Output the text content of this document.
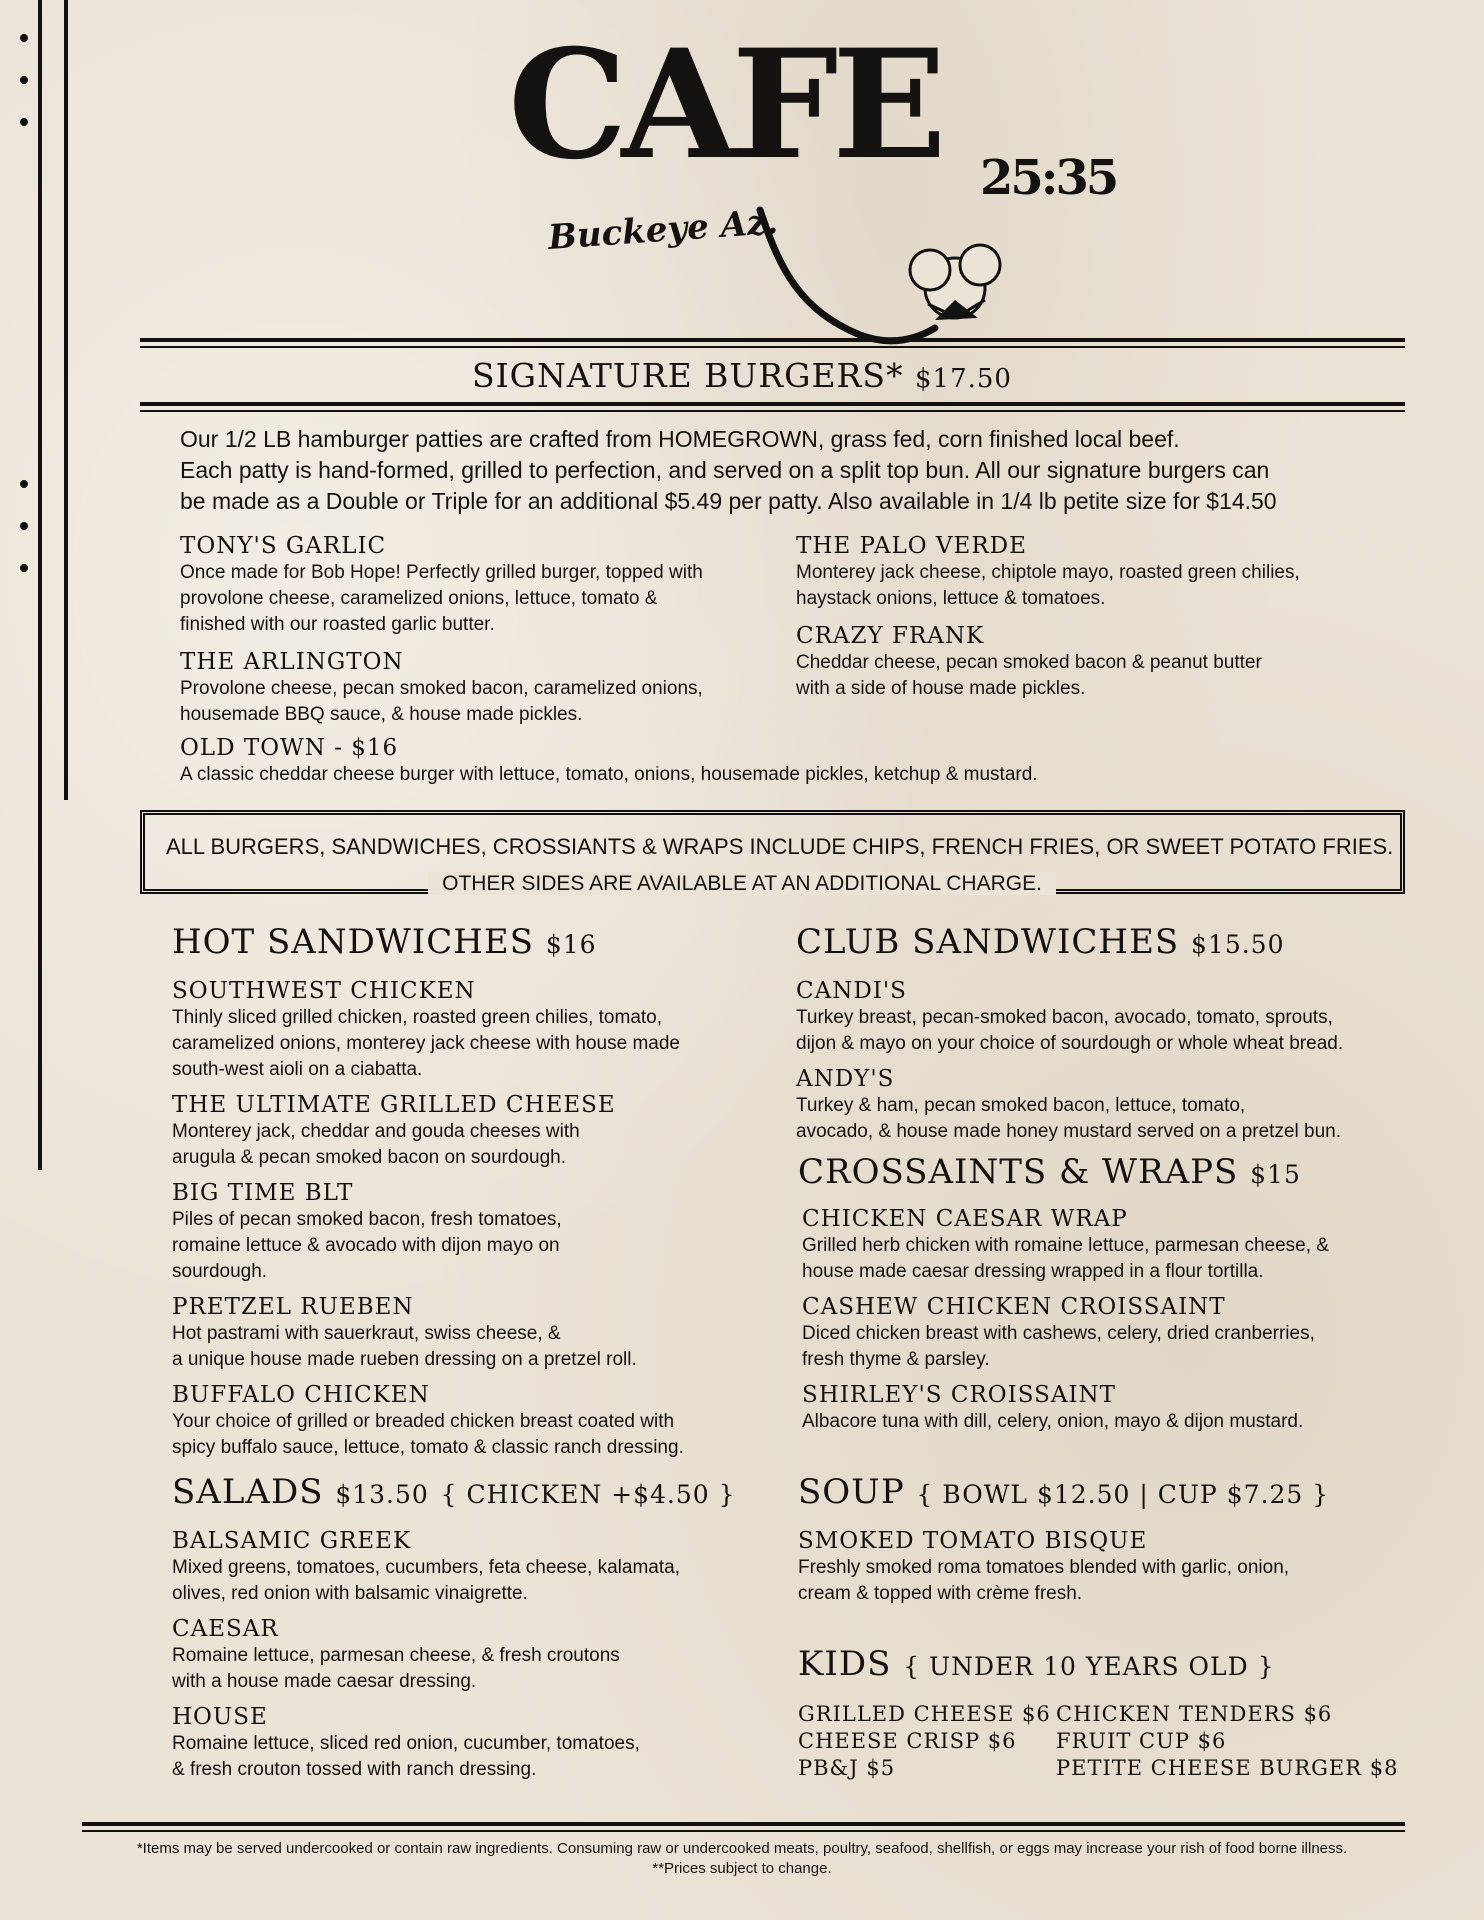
CAFE 25:35
Buckeye Az.
SIGNATURE BURGERS* $17.50
Our 1/2 LB hamburger patties are crafted from HOMEGROWN, grass fed, corn finished local beef.
Each patty is hand-formed, grilled to perfection, and served on a split top bun. All our signature burgers can
be made as a Double or Triple for an additional $5.49 per patty. Also available in 1/4 lb petite size for $14.50

TONY'S GARLIC

Once made for Bob Hope! Perfectly grilled burger, topped with

provolone cheese, caramelized onions, lettuce, tomato &

finished with our roasted garlic butter.

THE ARLINGTON

Provolone cheese, pecan smoked bacon, caramelized onions,

housemade BBQ sauce, & house made pickles.

OLD TOWN - $16

A classic cheddar cheese burger with lettuce, tomato, onions, housemade pickles, ketchup & mustard.

THE PALO VERDE

Monterey jack cheese, chiptole mayo, roasted green chilies,

haystack onions, lettuce & tomatoes.

CRAZY FRANK

Cheddar cheese, pecan smoked bacon & peanut butter

with a side of house made pickles.

ALL BURGERS, SANDWICHES, CROSSIANTS & WRAPS INCLUDE CHIPS, FRENCH FRIES, OR SWEET POTATO FRIES.
OTHER SIDES ARE AVAILABLE AT AN ADDITIONAL CHARGE.

HOT SANDWICHES $16

SOUTHWEST CHICKEN

Thinly sliced grilled chicken, roasted green chilies, tomato,

caramelized onions, monterey jack cheese with house made

south-west aioli on a ciabatta.

THE ULTIMATE GRILLED CHEESE

Monterey jack, cheddar and gouda cheeses with

arugula & pecan smoked bacon on sourdough.

BIG TIME BLT

Piles of pecan smoked bacon, fresh tomatoes,

romaine lettuce & avocado with dijon mayo on

sourdough.

PRETZEL RUEBEN

Hot pastrami with sauerkraut, swiss cheese, &

a unique house made rueben dressing on a pretzel roll.

BUFFALO CHICKEN

Your choice of grilled or breaded chicken breast coated with

spicy buffalo sauce, lettuce, tomato & classic ranch dressing.

SALADS $13.50 { CHICKEN +$4.50 }

BALSAMIC GREEK

Mixed greens, tomatoes, cucumbers, feta cheese, kalamata,

olives, red onion with balsamic vinaigrette.

CAESAR

Romaine lettuce, parmesan cheese, & fresh croutons

with a house made caesar dressing.

HOUSE

Romaine lettuce, sliced red onion, cucumber, tomatoes,

& fresh crouton tossed with ranch dressing.

CLUB SANDWICHES $15.50

CANDI'S

Turkey breast, pecan-smoked bacon, avocado, tomato, sprouts,

dijon & mayo on your choice of sourdough or whole wheat bread.

ANDY'S

Turkey & ham, pecan smoked bacon, lettuce, tomato,

avocado, & house made honey mustard served on a pretzel bun.

CROSSAINTS & WRAPS $15

CHICKEN CAESAR WRAP

Grilled herb chicken with romaine lettuce, parmesan cheese, &

house made caesar dressing wrapped in a flour tortilla.

CASHEW CHICKEN CROISSAINT

Diced chicken breast with cashews, celery, dried cranberries,

fresh thyme & parsley.

SHIRLEY'S CROISSAINT

Albacore tuna with dill, celery, onion, mayo & dijon mustard.

SOUP { BOWL $12.50 | CUP $7.25 }

SMOKED TOMATO BISQUE

Freshly smoked roma tomatoes blended with garlic, onion,

cream & topped with crème fresh.

KIDS { UNDER 10 YEARS OLD }

GRILLED CHEESE $6

CHEESE CRISP $6

PB&J $5

CHICKEN TENDERS $6

FRUIT CUP $6

PETITE CHEESE BURGER $8

*Items may be served undercooked or contain raw ingredients. Consuming raw or undercooked meats, poultry, seafood, shellfish, or eggs may increase your rish of food borne illness.
**Prices subject to change.
